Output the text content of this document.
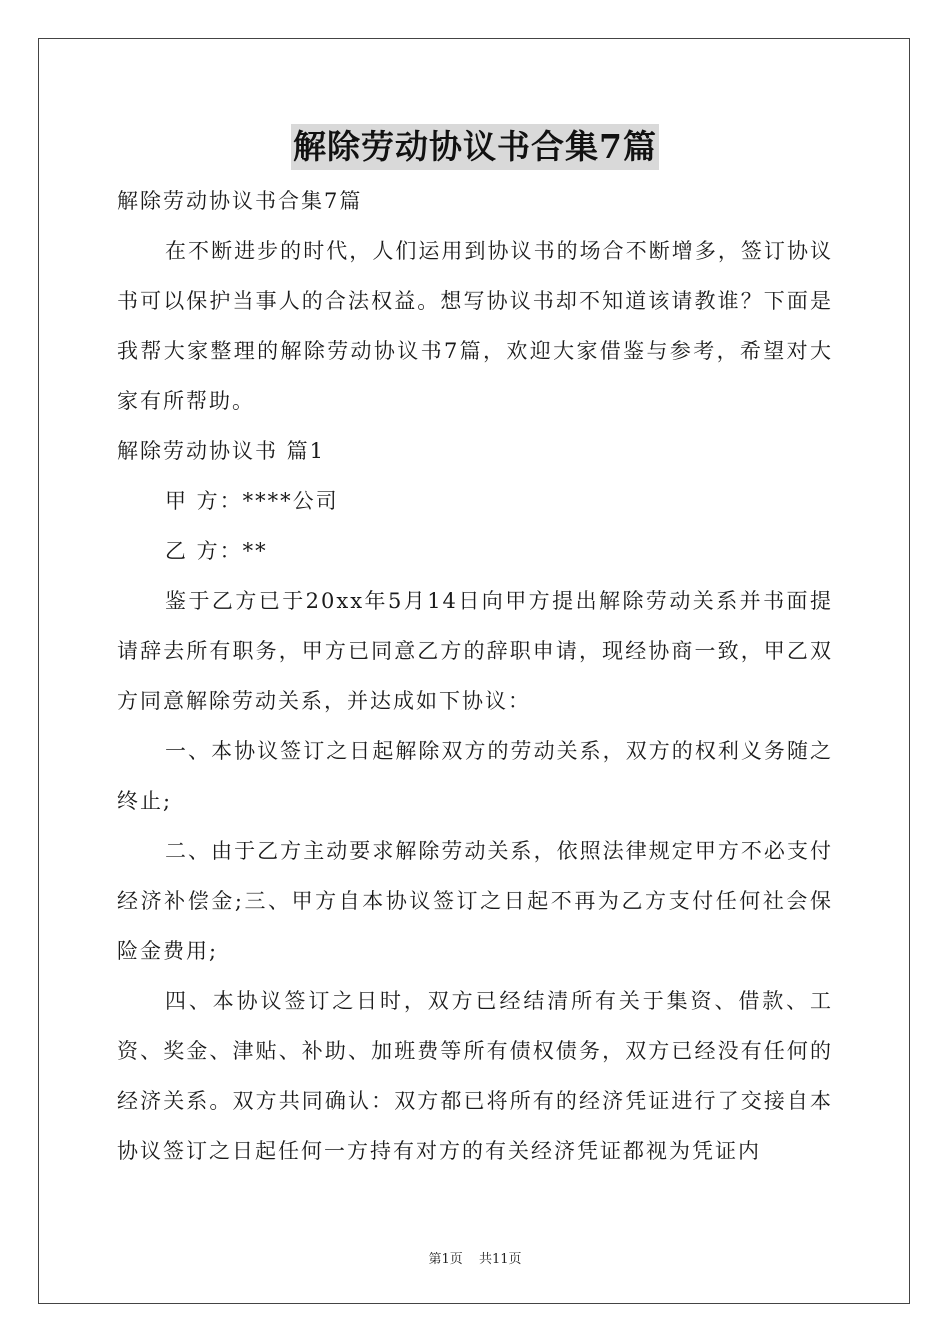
解除劳动协议书合集7篇

解除劳动协议书合集7篇

在不断进步的时代，人们运用到协议书的场合不断增多，签订协议书可以保护当事人的合法权益。想写协议书却不知道该请教谁？下面是我帮大家整理的解除劳动协议书7篇，欢迎大家借鉴与参考，希望对大家有所帮助。

解除劳动协议书 篇1

甲 方：****公司

乙 方：**

鉴于乙方已于20xx年5月14日向甲方提出解除劳动关系并书面提请辞去所有职务，甲方已同意乙方的辞职申请，现经协商一致，甲乙双方同意解除劳动关系，并达成如下协议：

一、本协议签订之日起解除双方的劳动关系，双方的权利义务随之终止;

二、由于乙方主动要求解除劳动关系，依照法律规定甲方不必支付经济补偿金;三、甲方自本协议签订之日起不再为乙方支付任何社会保险金费用;

四、本协议签订之日时，双方已经结清所有关于集资、借款、工资、奖金、津贴、补助、加班费等所有债权债务，双方已经没有任何的经济关系。双方共同确认：双方都已将所有的经济凭证进行了交接自本协议签订之日起任何一方持有对方的有关经济凭证都视为凭证内

第1页 共11页
